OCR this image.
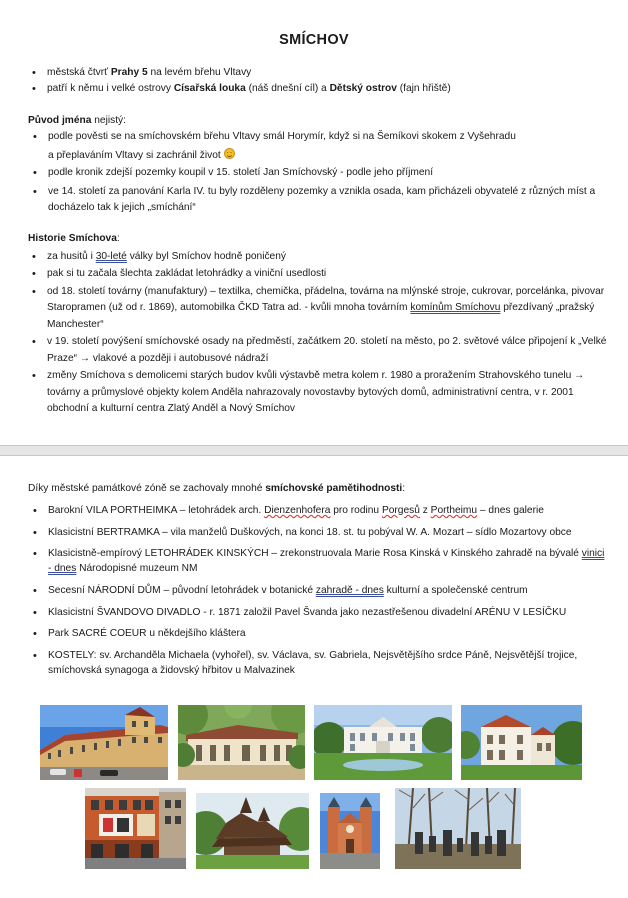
SMÍCHOV
• městská čtvrť Prahy 5 na levém břehu Vltavy
• patří k němu i velké ostrovy Císařská louka (náš dnešní cíl) a Dětský ostrov (fajn hřiště)
Původ jména nejistý:
• podle pověsti se na smíchovském břehu Vltavy smál Horymír, když si na Šemíkovi skokem z Vyšehradu
a přeplaváním Vltavy si zachránil život
• podle kronik zdejší pozemky koupil v 15. století Jan Smíchovský - podle jeho příjmení
• ve 14. století za panování Karla IV. tu byly rozděleny pozemky a vznikla osada, kam přicházeli obyvatelé z různých míst a docházelo tak k jejich „smíchání“
Historie Smíchova:
• za husitů i 30-leté války byl Smíchov hodně poničený
• pak si tu začala šlechta zakládat letohrádky a viniční usedlosti
• od 18. století továrny (manufaktury) – textilka, chemička, přádelna, továrna na mlýnské stroje, cukrovar, porcelánka, pivovar Staropramen (už od r. 1869), automobilka ČKD Tatra ad. - kvůli mnoha továrním komínům Smíchovu přezdívaný „pražský Manchester“
• v 19. století povýšení smíchovské osady na předměstí, začátkem 20. století na město, po 2. světové válce připojení k „Velké Praze“ → vlakové a později i autobusové nádraží
• změny Smíchova s demolicemi starých budov kvůli výstavbě metra kolem r. 1980 a proražením Strahovského tunelu → továrny a průmyslové objekty kolem Anděla nahrazovaly novostavby bytových domů, administrativní centra, v r. 2001 obchodní a kulturní centra Zlatý Anděl a Nový Smíchov
Díky městské památkové zóně se zachovaly mnohé smíchovské pamětihodnosti:
• Barokní VILA PORTHEIMKA – letohrádek arch. Dienzenhofera pro rodinu Porgesů z Portheimu – dnes galerie
• Klasicistní BERTRAMKA – vila manželů Duškových, na konci 18. st. tu pobýval W. A. Mozart – sídlo Mozartovy obce
• Klasicistně-empírový LETOHRÁDEK KINSKÝCH – zrekonstruovala Marie Rosa Kinská v Kinského zahradě na bývalé vinici - dnes Národopisné muzeum NM
• Secesní NÁRODNÍ DŮM – původní letohrádek v botanické zahradě - dnes kulturní a společenské centrum
• Klasicistní ŠVANDOVO DIVADLO - r. 1871 založil Pavel Švanda jako nezastřešenou divadelní ARÉNU V LESÍČKU
• Park SACRÉ COEUR u někdejšího kláštera
• KOSTELY: sv. Archanděla Michaela (vyhořel), sv. Václava, sv. Gabriela, Nejsvětějšího srdce Páně, Nejsvětější trojice, smíchovská synagoga a židovský hřbitov u Malvazinek
